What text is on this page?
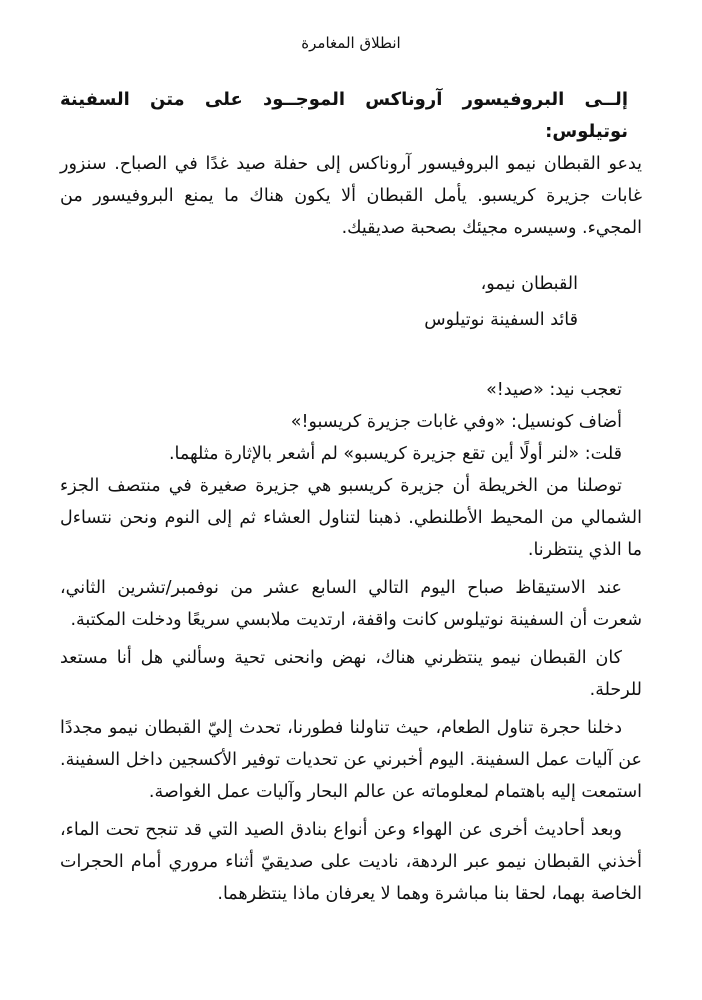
انطلاق المغامرة

إلــى البروفيسور آروناكس الموجــود على متن السفينة نوتيلوس:

يدعو القبطان نيمو البروفيسور آروناكس إلى حفلة صيد غدًا في الصباح. سنزور غابات جزيرة كريسبو. يأمل القبطان ألا يكون هناك ما يمنع البروفيسور من المجيء. وسيسره مجيئك بصحبة صديقيك.

القبطان نيمو،

قائد السفينة نوتيلوس

تعجب نيد: «صيد!»

أضاف كونسيل: «وفي غابات جزيرة كريسبو!»

قلت: «لنر أولًا أين تقع جزيرة كريسبو» لم أشعر بالإثارة مثلهما.

توصلنا من الخريطة أن جزيرة كريسبو هي جزيرة صغيرة في منتصف الجزء الشمالي من المحيط الأطلنطي. ذهبنا لتناول العشاء ثم إلى النوم ونحن نتساءل ما الذي ينتظرنا.

عند الاستيقاظ صباح اليوم التالي السابع عشر من نوفمبر/تشرين الثاني، شعرت أن السفينة نوتيلوس كانت واقفة، ارتديت ملابسي سريعًا ودخلت المكتبة.

كان القبطان نيمو ينتظرني هناك، نهض وانحنى تحية وسألني هل أنا مستعد للرحلة.

دخلنا حجرة تناول الطعام، حيث تناولنا فطورنا، تحدث إليّ القبطان نيمو مجددًا عن آليات عمل السفينة. اليوم أخبرني عن تحديات توفير الأكسجين داخل السفينة. استمعت إليه باهتمام لمعلوماته عن عالم البحار وآليات عمل الغواصة.

وبعد أحاديث أخرى عن الهواء وعن أنواع بنادق الصيد التي قد تنجح تحت الماء، أخذني القبطان نيمو عبر الردهة، ناديت على صديقيّ أثناء مروري أمام الحجرات الخاصة بهما، لحقا بنا مباشرة وهما لا يعرفان ماذا ينتظرهما.
